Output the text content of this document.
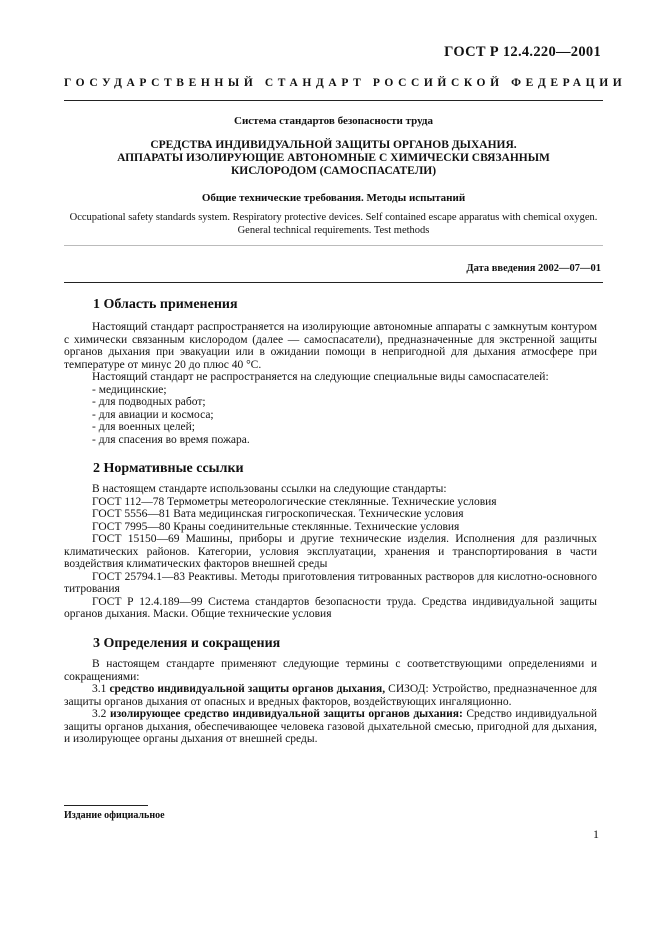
ГОСТ Р 12.4.220—2001
ГОСУДАРСТВЕННЫЙ СТАНДАРТ РОССИЙСКОЙ ФЕДЕРАЦИИ
Система стандартов безопасности труда
СРЕДСТВА ИНДИВИДУАЛЬНОЙ ЗАЩИТЫ ОРГАНОВ ДЫХАНИЯ.
АППАРАТЫ ИЗОЛИРУЮЩИЕ АВТОНОМНЫЕ С ХИМИЧЕСКИ СВЯЗАННЫМ
КИСЛОРОДОМ (САМОСПАСАТЕЛИ)
Общие технические требования. Методы испытаний
Occupational safety standards system. Respiratory protective devices. Self contained escape apparatus with chemical oxygen. General technical requirements. Test methods
Дата введения 2002—07—01
1 Область применения

Настоящий стандарт распространяется на изолирующие автономные аппараты с замкнутым контуром с химически связанным кислородом (далее — самоспасатели), предназначенные для экстренной защиты органов дыхания при эвакуации или в ожидании помощи в непригодной для дыхания атмосфере при температуре от минус 20 до плюс 40 °С.

Настоящий стандарт не распространяется на следующие специальные виды самоспасателей:

- медицинские;

- для подводных работ;

- для авиации и космоса;

- для военных целей;

- для спасения во время пожара.

2 Нормативные ссылки

В настоящем стандарте использованы ссылки на следующие стандарты:

ГОСТ 112—78 Термометры метеорологические стеклянные. Технические условия

ГОСТ 5556—81 Вата медицинская гигроскопическая. Технические условия

ГОСТ 7995—80 Краны соединительные стеклянные. Технические условия

ГОСТ 15150—69 Машины, приборы и другие технические изделия. Исполнения для различных климатических районов. Категории, условия эксплуатации, хранения и транспортирования в части воздействия климатических факторов внешней среды

ГОСТ 25794.1—83 Реактивы. Методы приготовления титрованных растворов для кислотно-основного титрования

ГОСТ Р 12.4.189—99 Система стандартов безопасности труда. Средства индивидуальной защиты органов дыхания. Маски. Общие технические условия

3 Определения и сокращения

В настоящем стандарте применяют следующие термины с соответствующими определениями и сокращениями:

3.1 средство индивидуальной защиты органов дыхания, СИЗОД: Устройство, предназначенное для защиты органов дыхания от опасных и вредных факторов, воздействующих ингаляционно.

3.2 изолирующее средство индивидуальной защиты органов дыхания: Средство индивидуальной защиты органов дыхания, обеспечивающее человека газовой дыхательной смесью, пригодной для дыхания, и изолирующее органы дыхания от внешней среды.

Издание официальное
1
